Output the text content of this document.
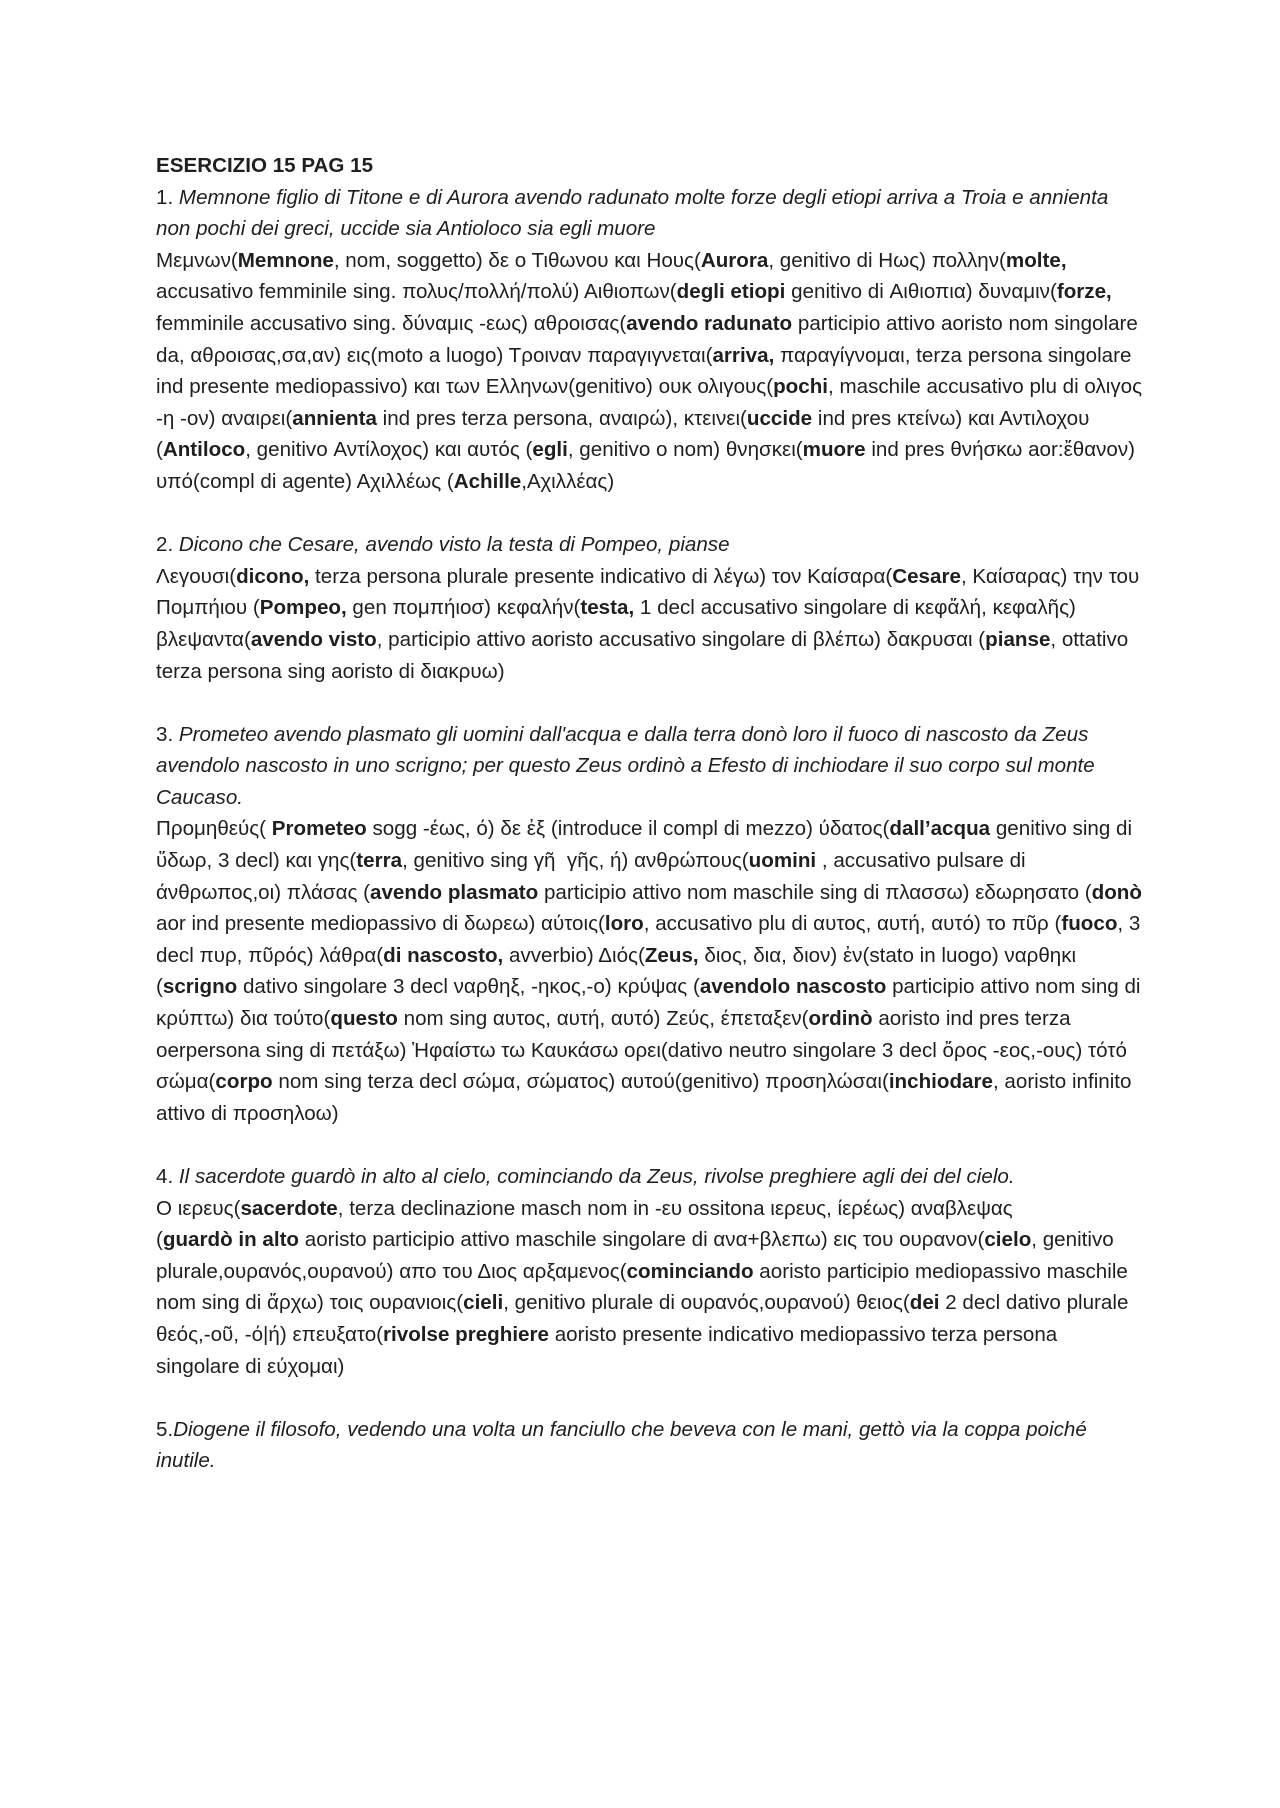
ESERCIZIO 15 PAG 15
1. Memnone figlio di Titone e di Aurora avendo radunato molte forze degli etiopi arriva a Troia e annienta non pochi dei greci, uccide sia Antioloco sia egli muore
Μεμνων(Memnone, nom, soggetto) δε ο Τιθωνου και Ηους(Aurora, genitivo di Ηως) πολλην(molte, accusativo femminile sing. πολυς/πολλή/πολύ) Αιθιοπων(degli etiopi genitivo di Αιθιοπια) δυναμιν(forze,  femminile accusativo sing. δύναμις -εως) αθροισας(avendo radunato participio attivo aoristo nom singolare da, αθροισας,σα,αν) εις(moto a luogo) Τροιναν παραγιγνεται(arriva, παραγίγνομαι, terza persona singolare ind presente mediopassivo) και των Ελληνων(genitivo) ουκ ολιγους(pochi, maschile accusativo plu di ολιγος -η -ον) αναιρει(annienta ind pres terza persona, αναιρώ), κτεινει(uccide ind pres κτείνω) και Αντιλοχου (Antiloco, genitivo Αντίλοχος) και αυτός (egli, genitivo o nom) θνησκει(muore ind pres θνήσκω aor:ἔθανον) υπό(compl di agente) Αχιλλέως (Achille,Αχιλλέας)
2. Dicono che Cesare, avendo visto la testa di Pompeo, pianse
Λεγουσι(dicono, terza persona plurale presente indicativo di λέγω) τον Καίσαρα(Cesare, Καίσαρας) την του Πομπήιου (Pompeo, gen πομπήιοσ) κεφαλήν(testa, 1 decl accusativo singolare di κεφἄλή, κεφαλῆς) βλεψαντα(avendo visto, participio attivo aoristo accusativo singolare di βλέπω) δακρυσαι (pianse, ottativo terza persona sing aoristo di διακρυω)
3. Prometeo avendo plasmato gli uomini dall'acqua e dalla terra donò loro il fuoco di nascosto da Zeus avendolo nascosto in uno scrigno; per questo Zeus ordinò a Efesto di inchiodare il suo corpo sul monte Caucaso.
Προμηθεύς( Prometeo sogg -έως, ό) δε ἐξ (introduce il compl di mezzo) ύδατος(dall’acqua genitivo sing di ὕδωρ, 3 decl) και γης(terra, genitivo sing γῆ  γῆς, ή) ανθρώπους(uomini , accusativo pulsare di άνθρωπος,οι) πλάσας (avendo plasmato participio attivo nom maschile sing di πλασσω) εδωρησατο (donò aor ind presente mediopassivo di δωρεω) αύτοις(loro, accusativo plu di αυτος, αυτή, αυτό) το πῦρ (fuoco, 3 decl πυρ, πῦρός) λάθρα(di nascosto, avverbio) Διός(Zeus, διος, δια, διον) ἐν(stato in luogo) ναρθηκι (scrigno dativo singolare 3 decl ναρθηξ, -ηκος,-ο) κρύψας (avendolo nascosto participio attivo nom sing di κρύπτω) δια τούτο(questo nom sing αυτος, αυτή, αυτό) Ζεύς, έπεταξεν(ordinò aoristo ind pres terza oerpersona sing di πετάξω) Ἡφαίστω τω Καυκάσω ορει(dativo neutro singolare 3 decl ὄρος -εος,-ους) τότό σώμα(corpo nom sing terza decl σώμα, σώματος) αυτού(genitivo) προσηλώσαι(inchiodare, aoristo infinito attivo di προσηλοω)
4. Il sacerdote guardò in alto al cielo, cominciando da Zeus, rivolse preghiere agli dei del cielo.
Ο ιερευς(sacerdote, terza declinazione masch nom in -ευ ossitona ιερευς, ίερέως) αναβλεψας
(guardò in alto aoristo participio attivo maschile singolare di ανα+βλεπω) εις του ουρανον(cielo, genitivo plurale,ουρανός,ουρανού) απο του Διος αρξαμενος(cominciando aoristo participio mediopassivo maschile nom sing di ἄρχω) τοις ουρανιοις(cieli, genitivo plurale di ουρανός,ουρανού) θειος(dei 2 decl dativo plurale θεός,-οῦ, -ό|ή) επευξατο(rivolse preghiere aoristo presente indicativo mediopassivo terza persona singolare di εύχομαι)
5.Diogene il filosofo, vedendo una volta un fanciullo che beveva con le mani, gettò via la coppa poiché inutile.
